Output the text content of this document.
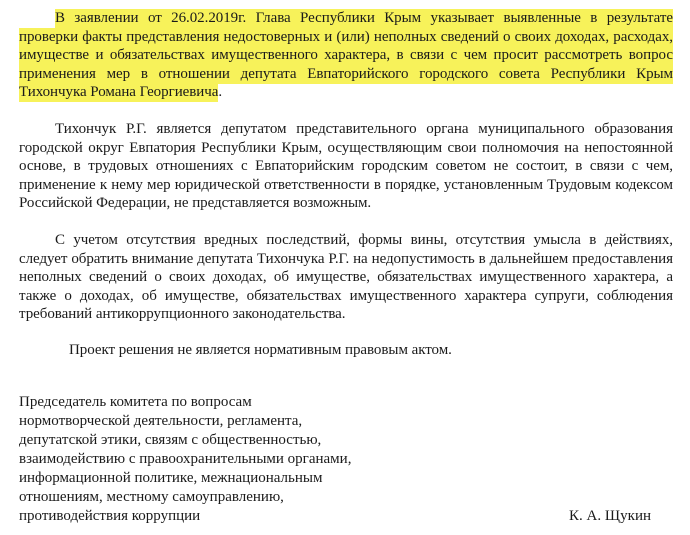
В заявлении от 26.02.2019г. Глава Республики Крым указывает выявленные в результате проверки факты представления недостоверных и (или) неполных сведений о своих доходах, расходах, имуществе и обязательствах имущественного характера, в связи с чем просит рассмотреть вопрос применения мер в отношении депутата Евпаторийского городского совета Республики Крым Тихончука Романа Георгиевича.

Тихончук Р.Г. является депутатом представительного органа муниципального образования городской округ Евпатория Республики Крым, осуществляющим свои полномочия на непостоянной основе, в трудовых отношениях с Евпаторийским городским советом не состоит, в связи с чем, применение к нему мер юридической ответственности в порядке, установленным Трудовым кодексом Российской Федерации, не представляется возможным.

С учетом отсутствия вредных последствий, формы вины, отсутствия умысла в действиях, следует обратить внимание депутата Тихончука Р.Г. на недопустимость в дальнейшем предоставления неполных сведений о своих доходах, об имуществе, обязательствах имущественного характера, а также о доходах, об имуществе, обязательствах имущественного характера супруги, соблюдения требований антикоррупционного законодательства.

Проект решения не является нормативным правовым актом.

Председатель комитета по вопросам
нормотворческой деятельности, регламента,
депутатской этики, связям с общественностью,
взаимодействию с правоохранительными органами,
информационной политике, межнациональным
отношениям, местному самоуправлению,
противодействия коррупции	К. А. Щукин
